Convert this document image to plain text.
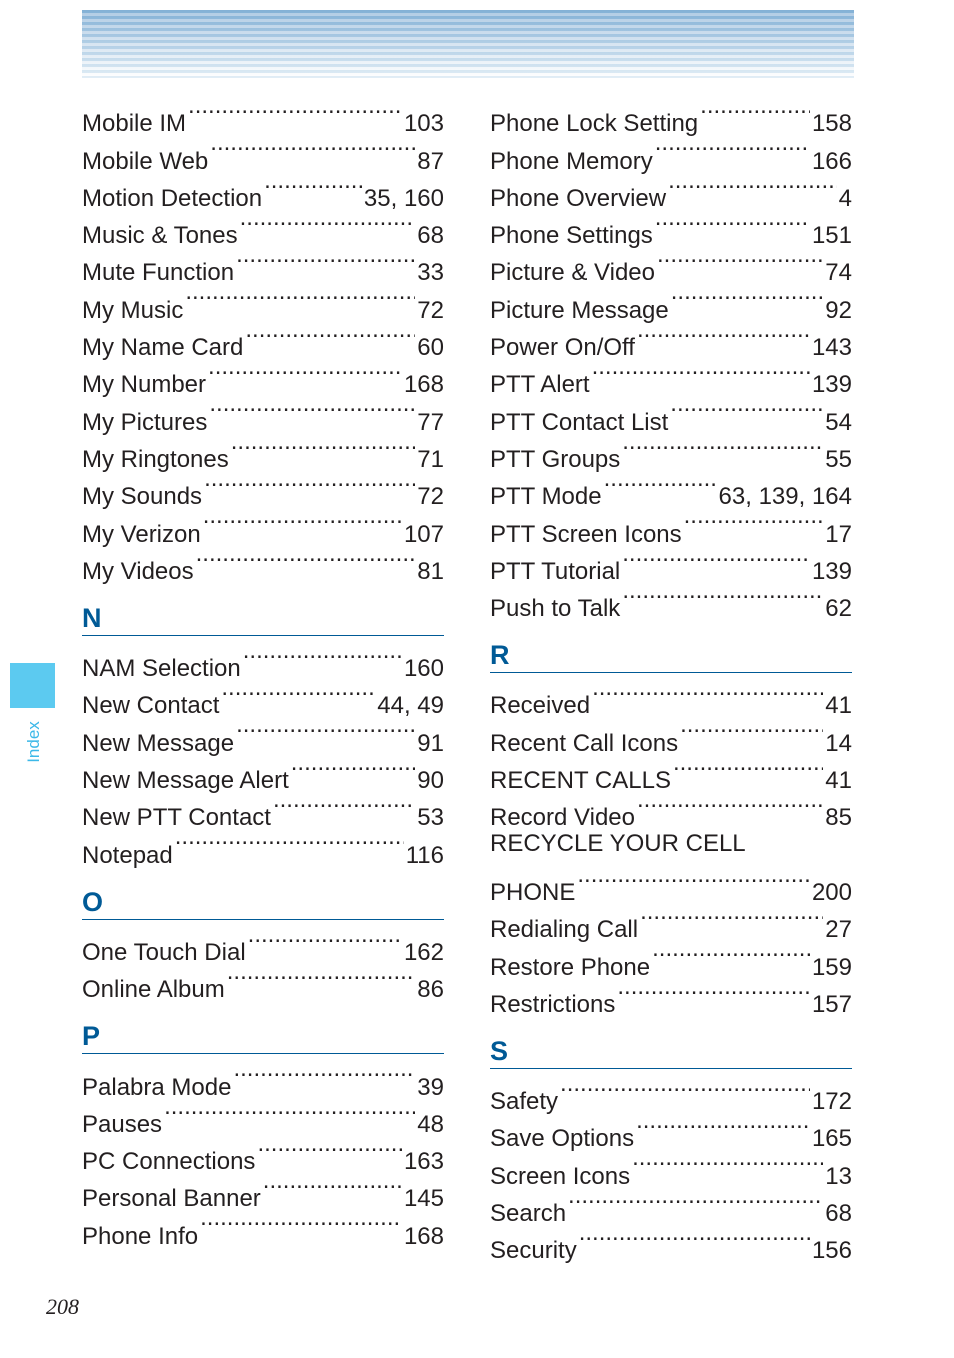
Mobile IM .....	103
Mobile Web .....	87
Motion Detection .....	35, 160
Music & Tones .....	68
Mute Function .....	33
My Music .....	72
My Name Card .....	60
My Number .....	168
My Pictures .....	77
My Ringtones .....	71
My Sounds .....	72
My Verizon .....	107
My Videos .....	81
N
NAM Selection .....	160
New Contact .....	44, 49
New Message .....	91
New Message Alert .....	90
New PTT Contact .....	53
Notepad .....	116
O
One Touch Dial .....	162
Online Album .....	86
P
Palabra Mode .....	39
Pauses .....	48
PC Connections .....	163
Personal Banner .....	145
Phone Info .....	168
Phone Lock Setting .....	158
Phone Memory .....	166
Phone Overview .....	4
Phone Settings .....	151
Picture & Video .....	74
Picture Message .....	92
Power On/Off .....	143
PTT Alert .....	139
PTT Contact List .....	54
PTT Groups .....	55
PTT Mode .....	63, 139, 164
PTT Screen Icons .....	17
PTT Tutorial .....	139
Push to Talk .....	62
R
Received .....	41
Recent Call Icons .....	14
RECENT CALLS .....	41
Record Video .....	85
RECYCLE YOUR CELL
PHONE .....	200
Redialing Call .....	27
Restore Phone .....	159
Restrictions .....	157
S
Safety .....	172
Save Options .....	165
Screen Icons .....	13
Search .....	68
Security .....	156
Index
208
